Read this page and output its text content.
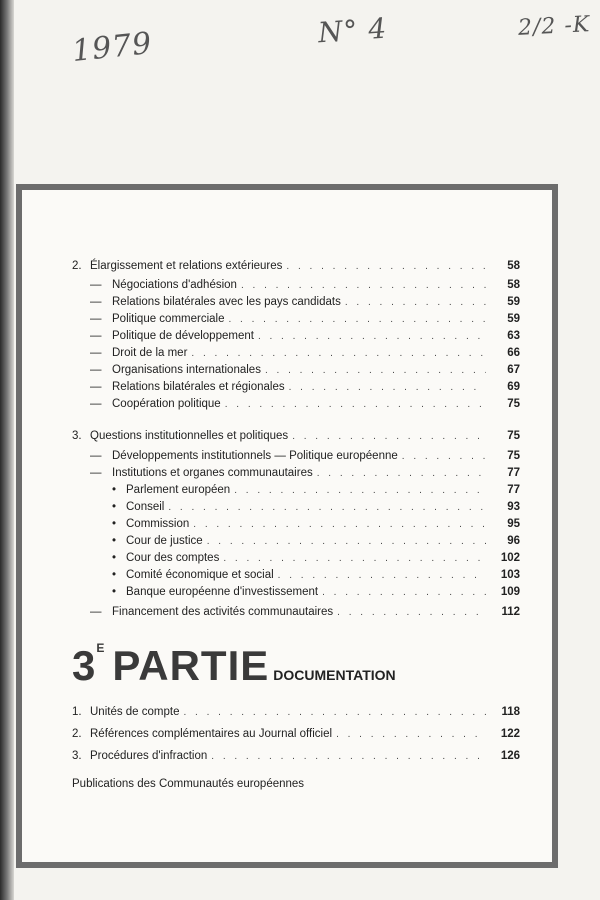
1979	N° 4	2/2 -K
2. Élargissement et relations extérieures . . .	58
— Négociations d'adhésion . . .	58
— Relations bilatérales avec les pays candidats . . .	59
— Politique commerciale . . .	59
— Politique de développement . . .	63
— Droit de la mer . . .	66
— Organisations internationales . . .	67
— Relations bilatérales et régionales . . .	69
— Coopération politique . . .	75
3. Questions institutionnelles et politiques . . .	75
— Développements institutionnels — Politique européenne . . .	75
— Institutions et organes communautaires . . .	77
• Parlement européen . . .	77
• Conseil . . .	93
• Commission . . .	95
• Cour de justice . . .	96
• Cour des comptes . . .	102
• Comité économique et social . . .	103
• Banque européenne d'investissement . . .	109
— Financement des activités communautaires . . .	112
$3^E$ PARTIE DOCUMENTATION
1. Unités de compte . . .	118
2. Références complémentaires au Journal officiel . . .	122
3. Procédures d'infraction . . .	126
Publications des Communautés européennes
